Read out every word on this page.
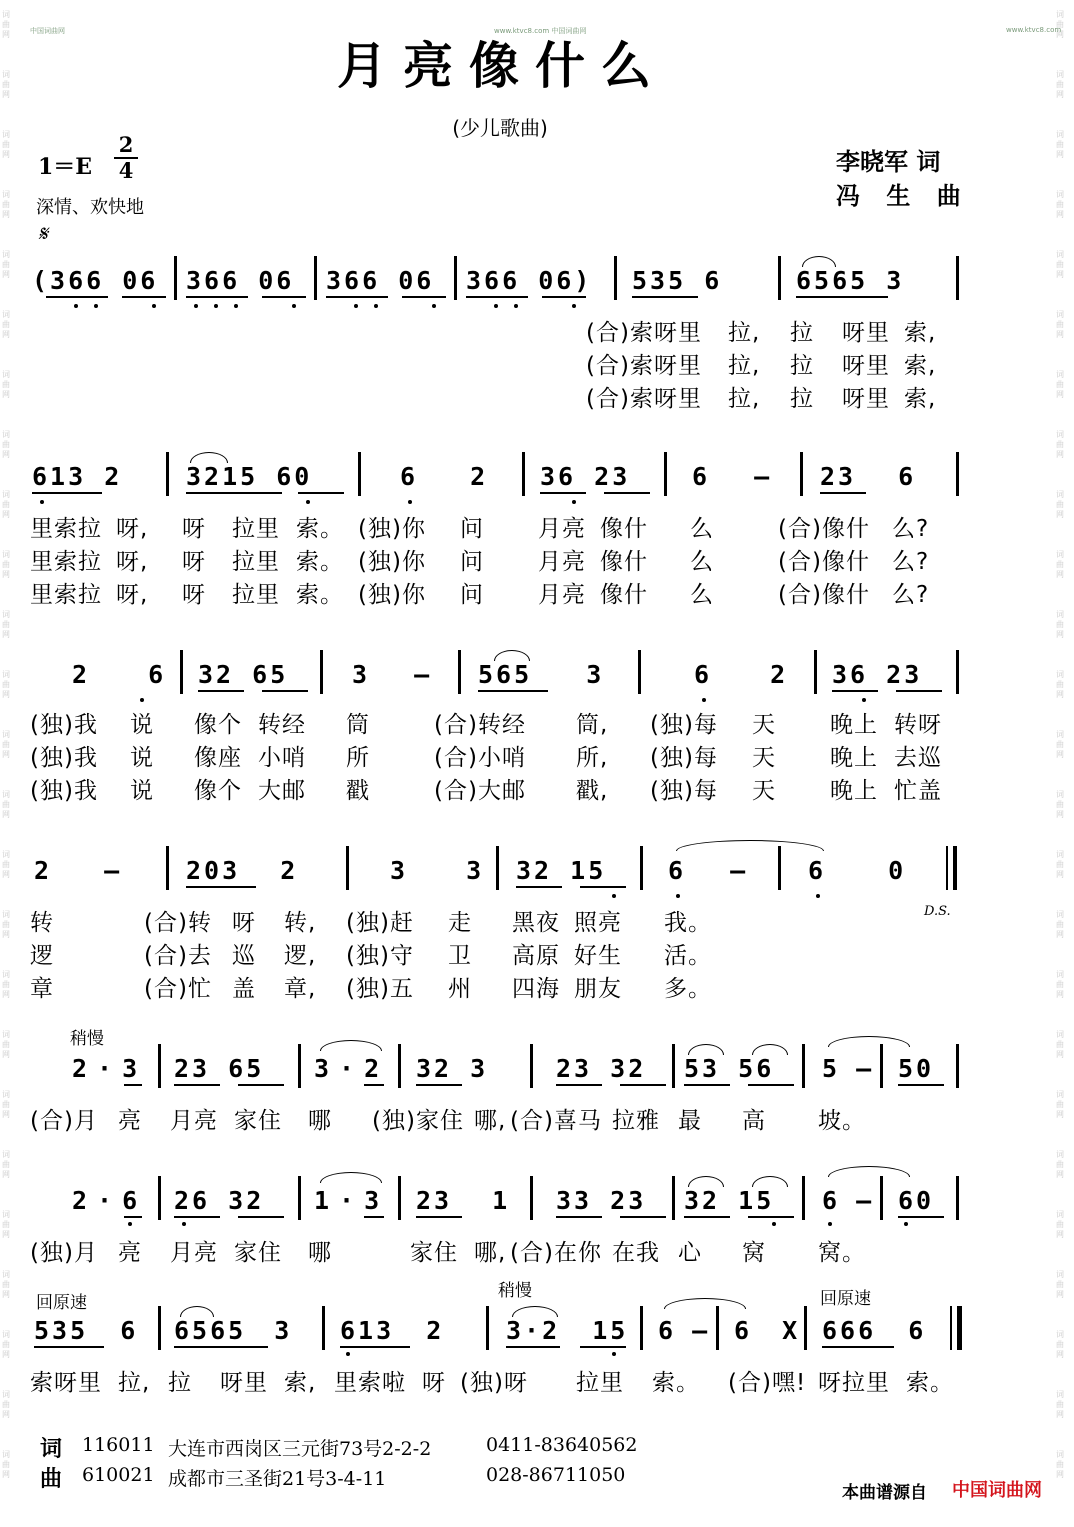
词曲网
词曲网
词曲网
词曲网
词曲网
词曲网
词曲网
词曲网
词曲网
词曲网
词曲网
词曲网
词曲网
词曲网
词曲网
词曲网
词曲网
词曲网
词曲网
词曲网
词曲网
词曲网
词曲网
词曲网
词曲网
词曲网
词曲网
词曲网
词曲网
词曲网
词曲网
词曲网
词曲网
词曲网
词曲网
词曲网
词曲网
词曲网
词曲网
词曲网
词曲网
词曲网
词曲网
词曲网
词曲网
词曲网
词曲网
词曲网
词曲网
词曲网
中国词曲网	www.ktvc8.com 中国词曲网	www.ktvc8.com
月亮像什么
(少儿歌曲)
1＝E
2
4
深情、欢快地
李晓军 词
冯 生 曲
𝄋
(366 06 366 06 366 06 366 06) 535 6	6565 3
(合)索呀里 拉, 拉 呀里 索,
(合)索呀里 拉, 拉 呀里 索,
(合)索呀里 拉, 拉 呀里 索,
613 2	3215 60	6 2 36 23 6 – 23 6
里索拉 呀, 呀 拉里 索。 (独)你 问 月亮 像什 么	(合)像什 么?
里索拉 呀, 呀 拉里 索。 (独)你 问 月亮 像什 么	(合)像什 么?
里索拉 呀, 呀 拉里 索。 (独)你 问 月亮 像什 么	(合)像什 么?
2 6 32 65	3 – 565 3	6 2 36 23
(独)我 说 像个 转经 筒	(合)转经 筒, (独)每 天 晚上 转呀
(独)我 说 像座 小哨 所	(合)小哨 所, (独)每 天 晚上 去巡
(独)我 说 像个 大邮 戳	(合)大邮 戳, (独)每 天 晚上 忙盖
2 –	203 2	3 3 32 15 6 – 6 0
D.S.
转	(合)转 呀 转, (独)赶 走 黑夜 照亮 我。
逻	(合)去 巡 逻, (独)守 卫 高原 好生 活。
章	(合)忙 盖 章, (独)五 州 四海 朋友 多。
稍慢
2·3 23 65 3·2 32 3	23 32 53 56 5 – 50
(合)月 亮 月亮 家住 哪 (独)家住 哪, (合)喜马 拉雅 最 高 坡。
2·6 26 32 1·3 23 1 33 23 32 15 6 – 60
(独)月 亮 月亮 家住 哪	家住 哪, (合)在你 在我 心 窝 窝。
回原速
稍慢	回原速
535 6 6565 3 613 2 3·2 15 6 – 6 X 666 6
索呀里 拉, 拉 呀里 索, 里索啦 呀 (独)呀 拉里 索。 (合)嘿! 呀拉里 索。
词 116011 大连市西岗区三元街73号2-2-2	0411-83640562
曲 610021 成都市三圣街21号3-4-11	028-86711050
本曲谱源自 中国词曲网
